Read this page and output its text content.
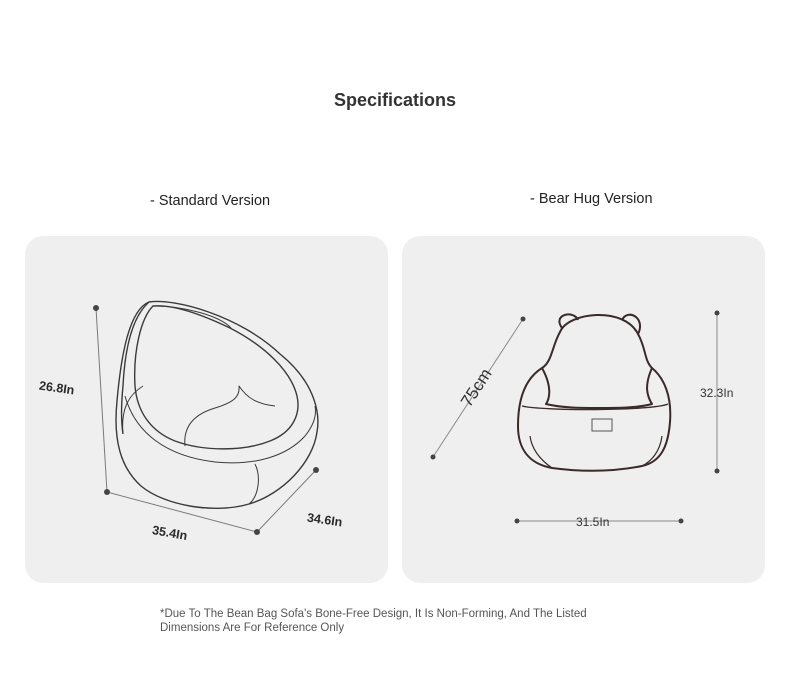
Specifications
- Standard Version	- Bear Hug Version
26.8In
35.4In
34.6In
75cm	32.3In
31.5In
*Due To The Bean Bag Sofa's Bone-Free Design, It Is Non-Forming, And The Listed Dimensions Are For Reference Only
